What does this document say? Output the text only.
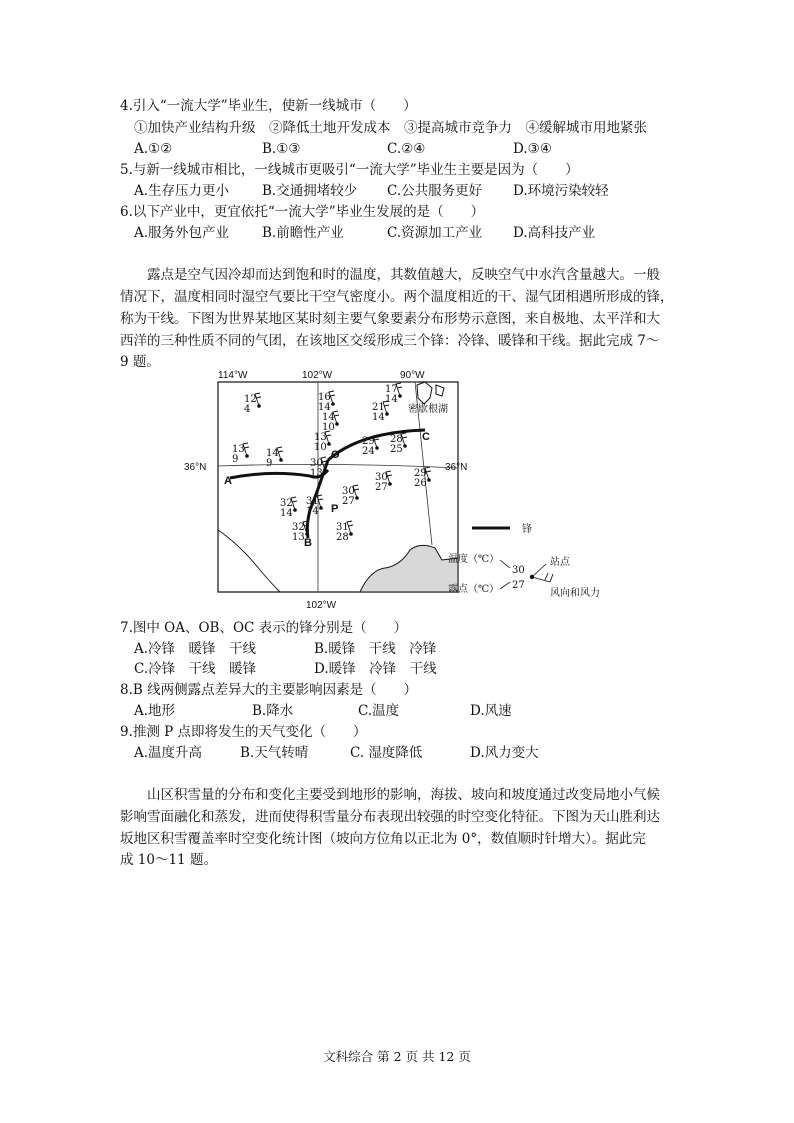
4.引入“一流大学”毕业生，使新一线城市（　　）
①加快产业结构升级　②降低土地开发成本　③提高城市竞争力　④缓解城市用地紧张
A.①②	B.①③	C.②④	D.③④
5.与新一线城市相比，一线城市更吸引“一流大学”毕业生主要是因为（　　）
A.生存压力更小 B.交通拥堵较少 C.公共服务更好 D.环境污染较轻
6.以下产业中，更宜依托“一流大学”毕业生发展的是（　　）
A.服务外包产业 B.前瞻性产业	C.资源加工产业 D.高科技产业
露点是空气因冷却而达到饱和时的温度，其数值越大，反映空气中水汽含量越大。一般
情况下，温度相同时湿空气要比干空气密度小。两个温度相近的干、湿气团相遇所形成的锋，
称为干线。下图为世界某地区某时刻主要气象要素分布形势示意图，来自极地、太平洋和大
西洋的三种性质不同的气团，在该地区交绥形成三个锋：冷锋、暖锋和干线。据此完成 7～
9 题。
114°W	102°W	90°W
102°W
36°N	36°N
密歇根湖
A
B
C
O
P
12
4
16
14
17
14
21
14
14
10
13
10
13
9
14
9
29
24
28
25
30
13	30
27
30
27
29
26
32
14
31
14
32
13
31
28
锋
温度（℃）
露点（℃）
30
27
站点
风向和风力
7.图中 OA、OB、OC 表示的锋分别是（　　）
A.冷锋　暖锋　干线	B.暖锋　干线　冷锋
C.冷锋　干线　暖锋	D.暖锋　冷锋　干线
8.B 线两侧露点差异大的主要影响因素是（　　）
A.地形	B.降水	C.温度	D.风速
9.推测 P 点即将发生的天气变化（　　）
A.温度升高	B.天气转晴	C. 湿度降低	D.风力变大
山区积雪量的分布和变化主要受到地形的影响，海拔、坡向和坡度通过改变局地小气候
影响雪面融化和蒸发，进而使得积雪量分布表现出较强的时空变化特征。下图为天山胜利达
坂地区积雪覆盖率时空变化统计图（坡向方位角以正北为 0°，数值顺时针增大）。据此完
成 10～11 题。
文科综合 第 2 页 共 12 页
